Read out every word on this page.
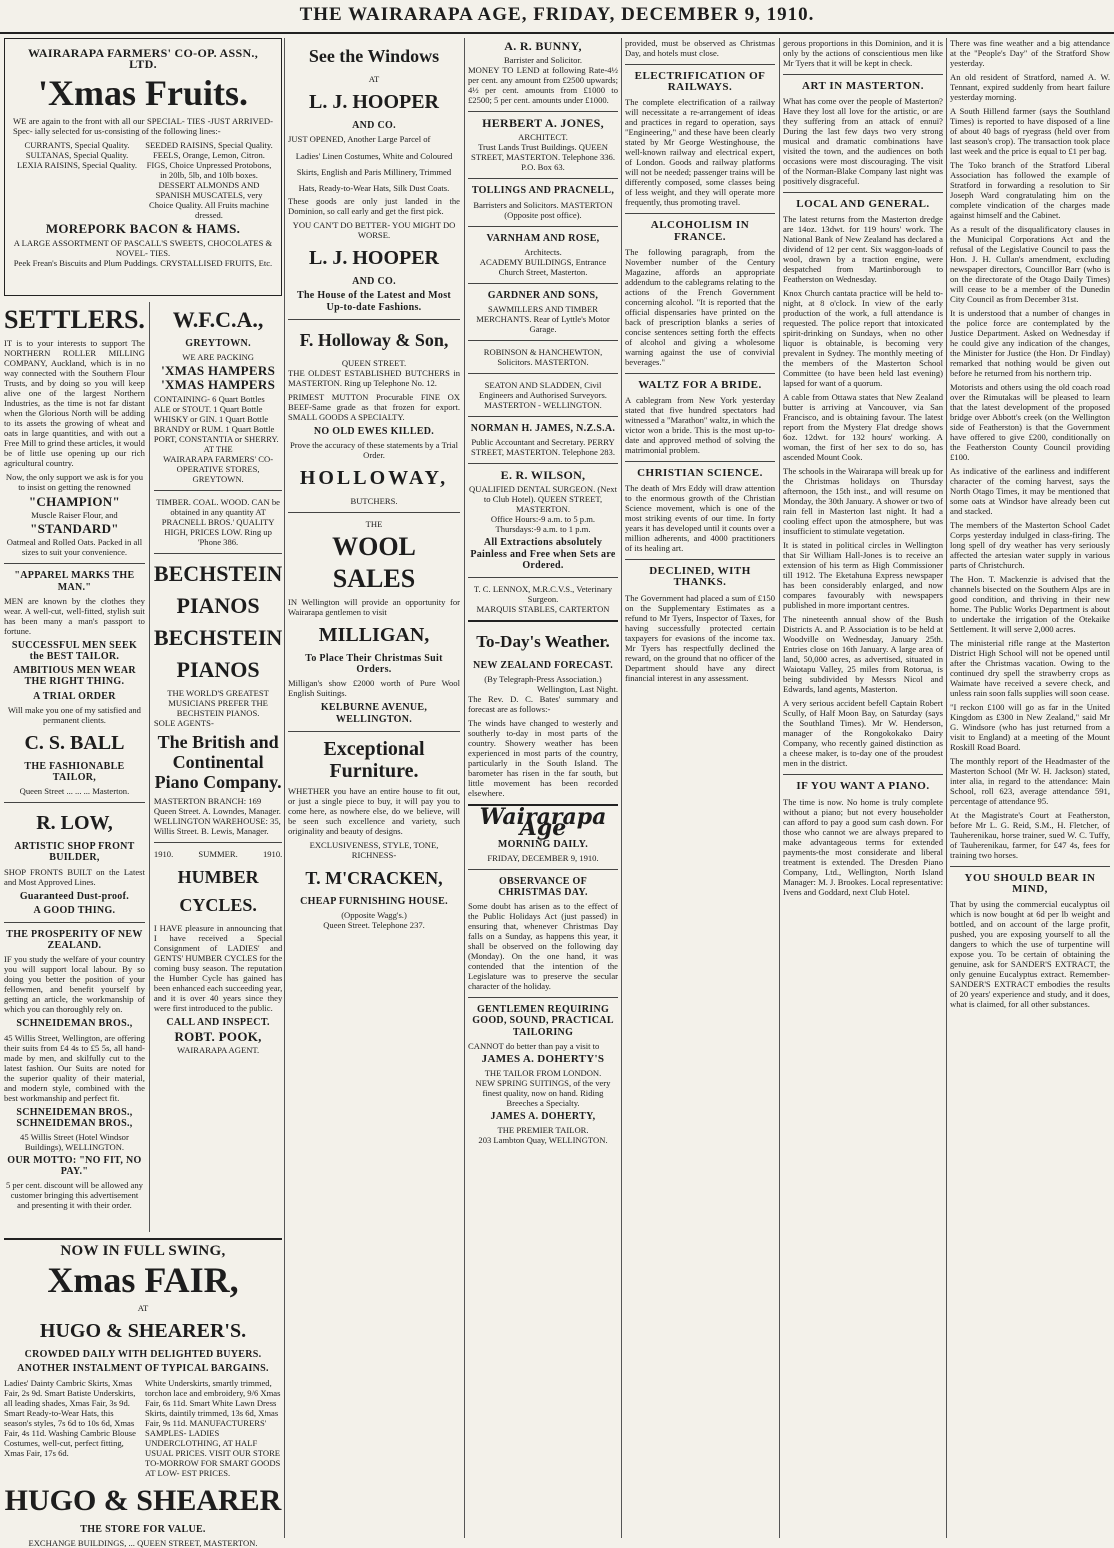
THE WAIRARAPA AGE, FRIDAY, DECEMBER 9, 1910.
WAIRARAPA FARMERS' CO-OP. ASSN., LTD.
'Xmas Fruits.
WE are again to the front with all our SPECIAL- TIES -JUST ARRIVED- Spec- ially selected for us-consisting of the following lines:-
CURRANTS, Special Quality. SULTANAS, Special Quality. LEXIA RAISINS, Special Quality.
SEEDED RAISINS, Special Quality. FEELS, Orange, Lemon, Citron. FIGS, Choice Unpressed Protobons, in 20lb, 5lb, and 10lb boxes. DESSERT ALMONDS AND SPANISH MUSCATELS, very Choice Quality. All Fruits machine dressed.
MOREPORK BACON & HAMS.
A LARGE ASSORTMENT OF PASCALL'S SWEETS, CHOCOLATES & NOVEL- TIES.
Peek Frean's Biscuits and Plum Puddings. CRYSTALLISED FRUITS, Etc.
SETTLERS.
IT is to your interests to support The NORTHERN ROLLER MILLING COMPANY, Auckland, which is in no way connected with the Southern Flour Trusts, and by doing so you will keep alive one of the largest Northern Industries, as the time is not far distant when the Glorious North will be adding to its assets the growing of wheat and oats in large quantities, and with out a Free Mill to grind these articles, it would be of little use opening up our rich agricultural country.
Now, the only support we ask is for you to insist on getting the renowned
"CHAMPION"
Muscle Raiser Flour, and
"STANDARD"
Oatmeal and Rolled Oats. Packed in all sizes to suit your convenience.
"APPAREL MARKS THE MAN."
MEN are known by the clothes they wear. A well-cut, well-fitted, stylish suit has been many a man's passport to fortune.
SUCCESSFUL MEN SEEK the BEST TAILOR.
AMBITIOUS MEN WEAR THE RIGHT THING.
A TRIAL ORDER
Will make you one of my satisfied and permanent clients.
C. S. BALL
THE FASHIONABLE TAILOR,
Queen Street ... ... ... Masterton.
R. LOW,
ARTISTIC SHOP FRONT BUILDER,
SHOP FRONTS BUILT on the Latest and Most Approved Lines.
Guaranteed Dust-proof.
A GOOD THING.
THE PROSPERITY OF NEW ZEALAND.
IF you study the welfare of your country you will support local labour. By so doing you better the position of your fellowmen, and benefit yourself by getting an article, the workmanship of which you can thoroughly rely on.
SCHNEIDEMAN BROS.,
45 Willis Street, Wellington, are offering their suits from £4 4s to £5 5s, all hand-made by men, and skilfully cut to the latest fashion. Our Suits are noted for the superior quality of their material, and modern style, combined with the best workmanship and perfect fit.
SCHNEIDEMAN BROS., SCHNEIDEMAN BROS.,
45 Willis Street (Hotel Windsor Buildings), WELLINGTON.
OUR MOTTO: "NO FIT, NO PAY."
5 per cent. discount will be allowed any customer bringing this advertisement and presenting it with their order.
W.F.C.A.,
GREYTOWN.
WE ARE PACKING
'XMAS HAMPERS
'XMAS HAMPERS
CONTAINING- 6 Quart Bottles ALE or STOUT. 1 Quart Bottle WHISKY or GIN. 1 Quart Bottle BRANDY or RUM. 1 Quart Bottle PORT, CONSTANTIA or SHERRY.
AT THE
WAIRARAPA FARMERS' CO-OPERATIVE STORES, GREYTOWN.
TIMBER. COAL. WOOD. CAN be obtained in any quantity AT
PRACNELL BROS.' QUALITY HIGH, PRICES LOW. Ring up 'Phone 386.
BECHSTEIN
PIANOS
BECHSTEIN
PIANOS
THE WORLD'S GREATEST MUSICIANS PREFER THE BECHSTEIN PIANOS.
SOLE AGENTS-
The British and Continental Piano Company.
MASTERTON BRANCH: 169 Queen Street. A. Lowndes, Manager. WELLINGTON WAREHOUSE: 35, Willis Street. B. Lewis, Manager.
1910.	SUMMER.	1910.
HUMBER CYCLES.
I HAVE pleasure in announcing that I have received a Special Consignment of LADIES' and GENTS' HUMBER CYCLES for the coming busy season. The reputation the Humber Cycle has gained has been enhanced each succeeding year, and it is over 40 years since they were first introduced to the public.
CALL AND INSPECT.
ROBT. POOK,
WAIRARAPA AGENT.
NOW IN FULL SWING,
Xmas FAIR,
AT
HUGO & SHEARER'S.
CROWDED DAILY WITH DELIGHTED BUYERS.
ANOTHER INSTALMENT OF TYPICAL BARGAINS.
Ladies' Dainty Cambric Skirts, Xmas Fair, 2s 9d. Smart Batiste Underskirts, all leading shades, Xmas Fair, 3s 9d. Smart Ready-to-Wear Hats, this season's styles, 7s 6d to 10s 6d, Xmas Fair, 4s 11d. Washing Cambric Blouse Costumes, well-cut, perfect fitting, Xmas Fair, 17s 6d.
White Underskirts, smartly trimmed, torchon lace and embroidery, 9/6 Xmas Fair, 6s 11d. Smart White Lawn Dress Skirts, daintily trimmed, 13s 6d, Xmas Fair, 9s 11d. MANUFACTURERS' SAMPLES- LADIES UNDERCLOTHING, AT HALF USUAL PRICES. VISIT OUR STORE TO-MORROW FOR SMART GOODS AT LOW- EST PRICES.
HUGO & SHEARER
THE STORE FOR VALUE.
EXCHANGE BUILDINGS, ... QUEEN STREET, MASTERTON.
See the Windows
AT
L. J. HOOPER
AND CO.
JUST OPENED, Another Large Parcel of
Ladies' Linen Costumes, White and Coloured Skirts, English and Paris Millinery, Trimmed Hats, Ready-to-Wear Hats, Silk Dust Coats.
These goods are only just landed in the Dominion, so call early and get the first pick.
YOU CAN'T DO BETTER- YOU MIGHT DO WORSE.
L. J. HOOPER
AND CO.
The House of the Latest and Most Up-to-date Fashions.
F. Holloway & Son,
QUEEN STREET.
THE OLDEST ESTABLISHED BUTCHERS in MASTERTON. Ring up Telephone No. 12.
PRIMEST MUTTON Procurable FINE OX BEEF-Same grade as that frozen for export. SMALL GOODS A SPECIALTY.
NO OLD EWES KILLED.
Prove the accuracy of these statements by a Trial Order.
HOLLOWAY,
BUTCHERS.
THE
WOOL
SALES
IN Wellington will provide an opportunity for Wairarapa gentlemen to visit
MILLIGAN,
To Place Their Christmas Suit Orders.
Milligan's show £2000 worth of Pure Wool English Suitings.
KELBURNE AVENUE, WELLINGTON.
Exceptional Furniture.
WHETHER you have an entire house to fit out, or just a single piece to buy, it will pay you to come here, as nowhere else, do we believe, will be seen such excellence and variety, such originality and beauty of designs.
EXCLUSIVENESS, STYLE, TONE, RICHNESS-
T. M'CRACKEN,
CHEAP FURNISHING HOUSE.
(Opposite Wagg's.)
Queen Street. Telephone 237.
A. R. BUNNY,
Barrister and Solicitor.
MONEY TO LEND at following Rate-4½ per cent. any amount from £2500 upwards; 4½ per cent. amounts from £1000 to £2500; 5 per cent. amounts under £1000.
HERBERT A. JONES,
ARCHITECT.
Trust Lands Trust Buildings. QUEEN STREET, MASTERTON. Telephone 336. P.O. Box 63.
TOLLINGS AND PRACNELL,
Barristers and Solicitors. MASTERTON (Opposite post office).
VARNHAM AND ROSE,
Architects.
ACADEMY BUILDINGS, Entrance Church Street, Masterton.
GARDNER AND SONS,
SAWMILLERS AND TIMBER MERCHANTS. Rear of Lyttle's Motor Garage.
ROBINSON & HANCHEWTON, Solicitors. MASTERTON.
SEATON AND SLADDEN, Civil Engineers and Authorised Surveyors. MASTERTON - WELLINGTON.
NORMAN H. JAMES, N.Z.S.A.
Public Accountant and Secretary. PERRY STREET, MASTERTON. Telephone 283.
E. R. WILSON,
QUALIFIED DENTAL SURGEON. (Next to Club Hotel). QUEEN STREET, MASTERTON.
Office Hours:-9 a.m. to 5 p.m. Thursdays:-9 a.m. to 1 p.m.
All Extractions absolutely Painless and Free when Sets are Ordered.
T. C. LENNOX, M.R.C.V.S., Veterinary Surgeon.
MARQUIS STABLES, CARTERTON
To-Day's Weather.
NEW ZEALAND FORECAST.
(By Telegraph-Press Association.)
Wellington, Last Night.
The Rev. D. C. Bates' summary and forecast are as follows:-
The winds have changed to westerly and southerly to-day in most parts of the country. Showery weather has been experienced in most parts of the country, particularly in the South Island. The barometer has risen in the far south, but little movement has been recorded elsewhere.
Wairarapa Age
MORNING DAILY.
FRIDAY, DECEMBER 9, 1910.
OBSERVANCE OF CHRISTMAS DAY.
Some doubt has arisen as to the effect of the Public Holidays Act (just passed) in ensuring that, whenever Christmas Day falls on a Sunday, as happens this year, it shall be observed on the following day (Monday). On the one hand, it was contended that the intention of the Legislature was to preserve the secular character of the holiday.
GENTLEMEN REQUIRING GOOD, SOUND, PRACTICAL TAILORING
CANNOT do better than pay a visit to
JAMES A. DOHERTY'S
THE TAILOR FROM LONDON.
NEW SPRING SUITINGS, of the very finest quality, now on hand. Riding Breeches a Specialty.
JAMES A. DOHERTY,
THE PREMIER TAILOR.
203 Lambton Quay, WELLINGTON.
provided, must be observed as Christmas Day, and hotels must close.
ELECTRIFICATION OF RAILWAYS.
The complete electrification of a railway will necessitate a re-arrangement of ideas and practices in regard to operation, says "Engineering," and these have been clearly stated by Mr George Westinghouse, the well-known railway and electrical expert, of London. Goods and railway platforms will not be needed; passenger trains will be differently composed, some classes being of less weight, and they will operate more frequently, thus promoting travel.
ALCOHOLISM IN FRANCE.
The following paragraph, from the November number of the Century Magazine, affords an appropriate addendum to the cablegrams relating to the actions of the French Government concerning alcohol. "It is reported that the official dispensaries have printed on the back of prescription blanks a series of concise sentences setting forth the effects of alcohol and giving a wholesome warning against the use of convivial beverages."
WALTZ FOR A BRIDE.
A cablegram from New York yesterday stated that five hundred spectators had witnessed a "Marathon" waltz, in which the victor won a bride. This is the most up-to-date and approved method of solving the matrimonial problem.
CHRISTIAN SCIENCE.
The death of Mrs Eddy will draw attention to the enormous growth of the Christian Science movement, which is one of the most striking events of our time. In forty years it has developed until it counts over a million adherents, and 4000 practitioners of its healing art.
DECLINED, WITH THANKS.
The Government had placed a sum of £150 on the Supplementary Estimates as a refund to Mr Tyers, Inspector of Taxes, for having successfully protected certain taxpayers for evasions of the income tax. Mr Tyers has respectfully declined the reward, on the ground that no officer of the Department should have any direct financial interest in any assessment.
gerous proportions in this Dominion, and it is only by the actions of conscientious men like Mr Tyers that it will be kept in check.
ART IN MASTERTON.
What has come over the people of Masterton? Have they lost all love for the artistic, or are they suffering from an attack of ennui? During the last few days two very strong musical and dramatic combinations have visited the town, and the audiences on both occasions were most discouraging. The visit of the Norman-Blake Company last night was positively disgraceful.
LOCAL AND GENERAL.
The latest returns from the Masterton dredge are 14oz. 13dwt. for 119 hours' work. The National Bank of New Zealand has declared a dividend of 12 per cent. Six waggon-loads of wool, drawn by a traction engine, were despatched from Martinborough to Featherston on Wednesday.
Knox Church cantata practice will be held to-night, at 8 o'clock. In view of the early production of the work, a full attendance is requested. The police report that intoxicated spirit-drinking on Sundays, when no other liquor is obtainable, is becoming very prevalent in Sydney. The monthly meeting of the members of the Masterton School Committee (to have been held last evening) lapsed for want of a quorum.
A cable from Ottawa states that New Zealand butter is arriving at Vancouver, via San Francisco, and is obtaining favour. The latest report from the Mystery Flat dredge shows 6oz. 12dwt. for 132 hours' working. A woman, the first of her sex to do so, has ascended Mount Cook.
The schools in the Wairarapa will break up for the Christmas holidays on Thursday afternoon, the 15th inst., and will resume on Monday, the 30th January. A shower or two of rain fell in Masterton last night. It had a cooling effect upon the atmosphere, but was insufficient to stimulate vegetation.
It is stated in political circles in Wellington that Sir William Hall-Jones is to receive an extension of his term as High Commissioner till 1912. The Eketahuna Express newspaper has been considerably enlarged, and now compares favourably with newspapers published in more important centres.
The nineteenth annual show of the Bush Districts A. and P. Association is to be held at Woodville on Wednesday, January 25th. Entries close on 16th January. A large area of land, 50,000 acres, as advertised, situated in Waiotapu Valley, 25 miles from Rotorua, is being subdivided by Messrs Nicol and Edwards, land agents, Masterton.
A very serious accident befell Captain Robert Scully, of Half Moon Bay, on Saturday (says the Southland Times). Mr W. Henderson, manager of the Rongokokako Dairy Company, who recently gained distinction as a cheese maker, is to-day one of the proudest men in the district.
IF YOU WANT A PIANO.
The time is now. No home is truly complete without a piano; but not every householder can afford to pay a good sum cash down. For those who cannot we are always prepared to make advantageous terms for extended payments-the most considerate and liberal treatment is extended. The Dresden Piano Company, Ltd., Wellington, North Island Manager: M. J. Brookes. Local representative: Ivens and Goddard, next Club Hotel.
There was fine weather and a big attendance at the "People's Day" of the Stratford Show yesterday.
An old resident of Stratford, named A. W. Tennant, expired suddenly from heart failure yesterday morning.
A South Hillend farmer (says the Southland Times) is reported to have disposed of a line of about 40 bags of ryegrass (held over from last season's crop). The transaction took place last week and the price is equal to £1 per bag.
The Toko branch of the Stratford Liberal Association has followed the example of Stratford in forwarding a resolution to Sir Joseph Ward congratulating him on the complete vindication of the charges made against himself and the Cabinet.
As a result of the disqualificatory clauses in the Municipal Corporations Act and the refusal of the Legislative Council to pass the Hon. J. H. Cullan's amendment, excluding newspaper directors, Councillor Barr (who is on the directorate of the Otago Daily Times) will cease to be a member of the Dunedin City Council as from December 31st.
It is understood that a number of changes in the police force are contemplated by the Justice Department. Asked on Wednesday if he could give any indication of the changes, the Minister for Justice (the Hon. Dr Findlay) remarked that nothing would be given out before he returned from his northern trip.
Motorists and others using the old coach road over the Rimutakas will be pleased to learn that the latest development of the proposed bridge over Abbott's creek (on the Wellington side of Featherston) is that the Government have offered to give £200, conditionally on the Featherston County Council providing £100.
As indicative of the earliness and indifferent character of the coming harvest, says the North Otago Times, it may be mentioned that some oats at Windsor have already been cut and stacked.
The members of the Masterton School Cadet Corps yesterday indulged in class-firing. The long spell of dry weather has very seriously affected the artesian water supply in various parts of Christchurch.
The Hon. T. Mackenzie is advised that the channels bisected on the Southern Alps are in good condition, and thriving in their new home. The Public Works Department is about to undertake the irrigation of the Otekaike Settlement. It will serve 2,000 acres.
The ministerial rifle range at the Masterton District High School will not be opened until after the Christmas vacation. Owing to the continued dry spell the strawberry crops as Waimate have received a severe check, and unless rain soon falls supplies will soon cease.
"I reckon £100 will go as far in the United Kingdom as £300 in New Zealand," said Mr G. Windsore (who has just returned from a visit to England) at a meeting of the Mount Roskill Road Board.
The monthly report of the Headmaster of the Masterton School (Mr W. H. Jackson) stated, inter alia, in regard to the attendance: Main School, roll 623, average attendance 591, percentage of attendance 95.
At the Magistrate's Court at Featherston, before Mr L. G. Reid, S.M., H. Fletcher, of Tauherenikau, horse trainer, sued W. C. Tuffy, of Tauherenikau, farmer, for £47 4s, fees for training two horses.
YOU SHOULD BEAR IN MIND,
That by using the commercial eucalyptus oil which is now bought at 6d per lb weight and bottled, and on account of the large profit, pushed, you are exposing yourself to all the dangers to which the use of turpentine will expose you. To be certain of obtaining the genuine, ask for SANDER'S EXTRACT, the only genuine Eucalyptus extract. Remember-SANDER'S EXTRACT embodies the results of 20 years' experience and study, and it does, what is claimed, for all other substances.
